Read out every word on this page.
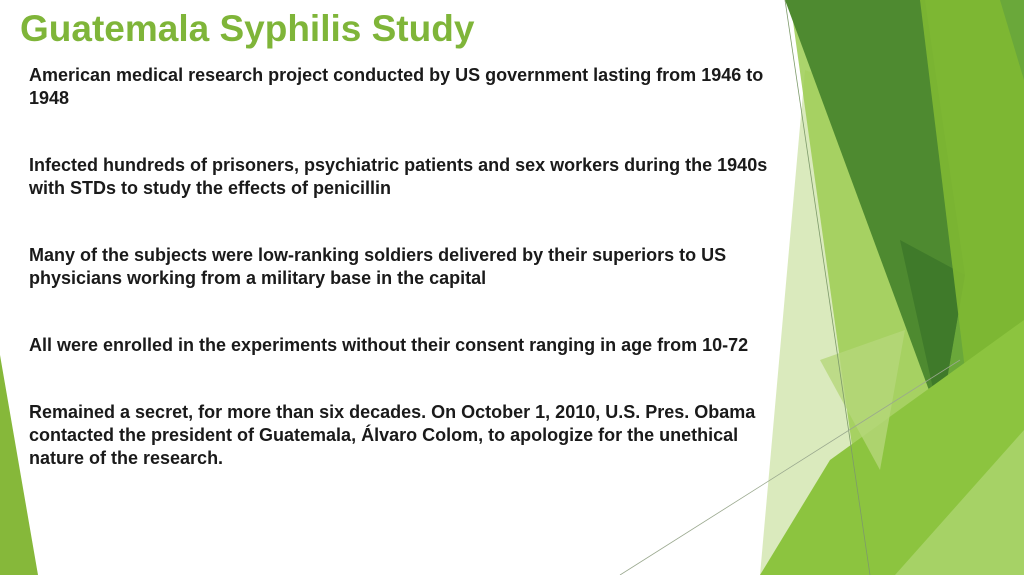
Guatemala Syphilis Study
American medical research project conducted by US government lasting from 1946 to 1948
Infected hundreds of prisoners, psychiatric patients and sex workers during the 1940s with STDs to study the effects of penicillin
Many of the subjects were low-ranking soldiers delivered by their superiors to US physicians working from a military base in the capital
All were enrolled in the experiments without their consent ranging in age from 10-72
Remained a secret, for more than six decades. On October 1, 2010, U.S. Pres. Obama contacted the president of Guatemala, Álvaro Colom, to apologize for the unethical nature of the research.
